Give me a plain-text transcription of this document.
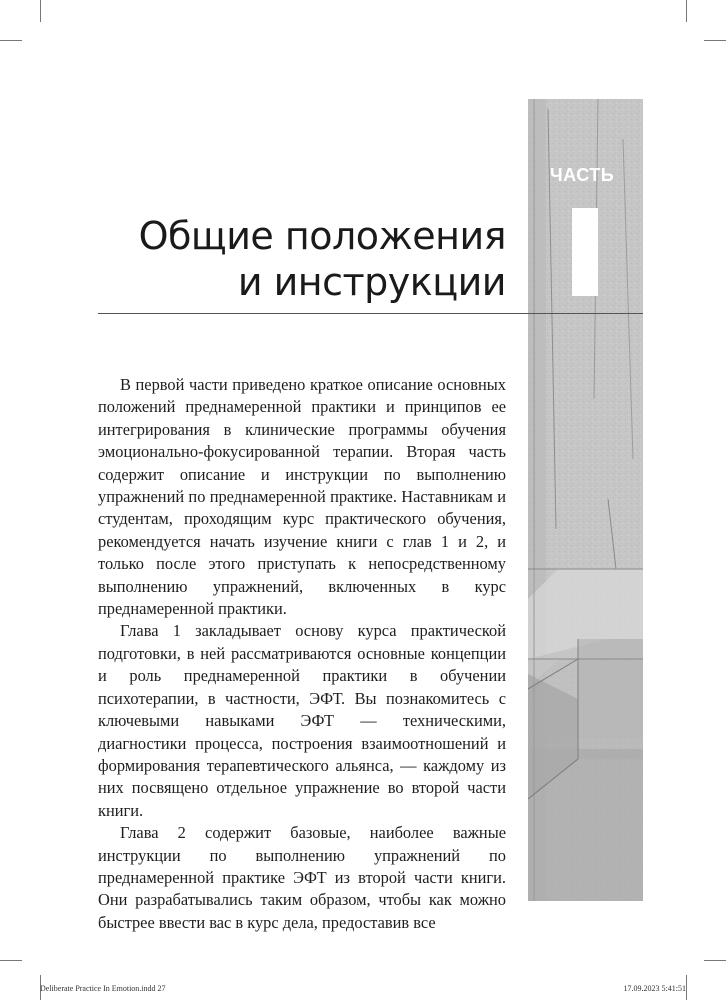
ЧАСТЬ
Общие положения
и инструкции

В первой части приведено краткое описание основных положений преднамеренной практики и принципов ее интегрирования в клинические программы обучения эмоционально-фокусированной терапии. Вторая часть содержит описание и инструкции по выполнению упражнений по преднамеренной практике. Наставникам и студентам, проходящим курс практического обучения, рекомендуется начать изучение книги с глав 1 и 2, и только после этого приступать к непосредственному выполнению упражнений, включенных в курс преднамеренной практики.

Глава 1 закладывает основу курса практической подготовки, в ней рассматриваются основные концепции и роль преднамеренной практики в обучении психотерапии, в частности, ЭФТ. Вы познакомитесь с ключевыми навыками ЭФТ — техническими, диагностики процесса, построения взаимоотношений и формирования терапевтического альянса, — каждому из них посвящено отдельное упражнение во второй части книги.

Глава 2 содержит базовые, наиболее важные инструкции по выполнению упражнений по преднамеренной практике ЭФТ из второй части книги. Они разрабатывались таким образом, чтобы как можно быстрее ввести вас в курс дела, предоставив все

Deliberate Practice In Emotion.indd 27	17.09.2023 5:41:51
